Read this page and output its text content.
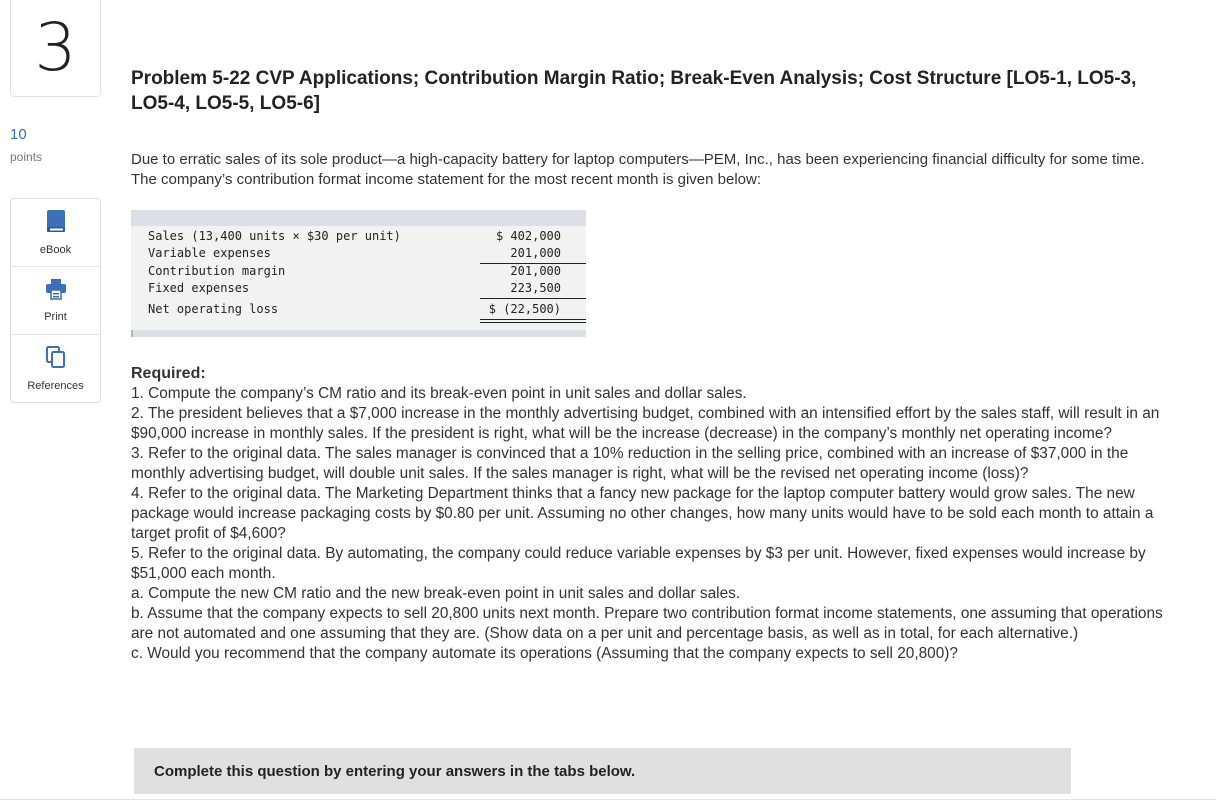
3
10
points
eBook
Print
References
Problem 5-22 CVP Applications; Contribution Margin Ratio; Break-Even Analysis; Cost Structure [LO5-1, LO5-3, LO5-4, LO5-5, LO5-6]
Due to erratic sales of its sole product—a high-capacity battery for laptop computers—PEM, Inc., has been experiencing financial difficulty for some time. The company’s contribution format income statement for the most recent month is given below:
Sales (13,400 units × $30 per unit)	$ 402,000
Variable expenses	201,000
Contribution margin	201,000
Fixed expenses	223,500
Net operating loss	$ (22,500)

Required:

1. Compute the company’s CM ratio and its break-even point in unit sales and dollar sales.

2. The president believes that a $7,000 increase in the monthly advertising budget, combined with an intensified effort by the sales staff, will result in an $90,000 increase in monthly sales. If the president is right, what will be the increase (decrease) in the company’s monthly net operating income?

3. Refer to the original data. The sales manager is convinced that a 10% reduction in the selling price, combined with an increase of $37,000 in the monthly advertising budget, will double unit sales. If the sales manager is right, what will be the revised net operating income (loss)?

4. Refer to the original data. The Marketing Department thinks that a fancy new package for the laptop computer battery would grow sales. The new package would increase packaging costs by $0.80 per unit. Assuming no other changes, how many units would have to be sold each month to attain a target profit of $4,600?

5. Refer to the original data. By automating, the company could reduce variable expenses by $3 per unit. However, fixed expenses would increase by $51,000 each month.

a. Compute the new CM ratio and the new break-even point in unit sales and dollar sales.

b. Assume that the company expects to sell 20,800 units next month. Prepare two contribution format income statements, one assuming that operations are not automated and one assuming that they are. (Show data on a per unit and percentage basis, as well as in total, for each alternative.)

c. Would you recommend that the company automate its operations (Assuming that the company expects to sell 20,800)?

Complete this question by entering your answers in the tabs below.
